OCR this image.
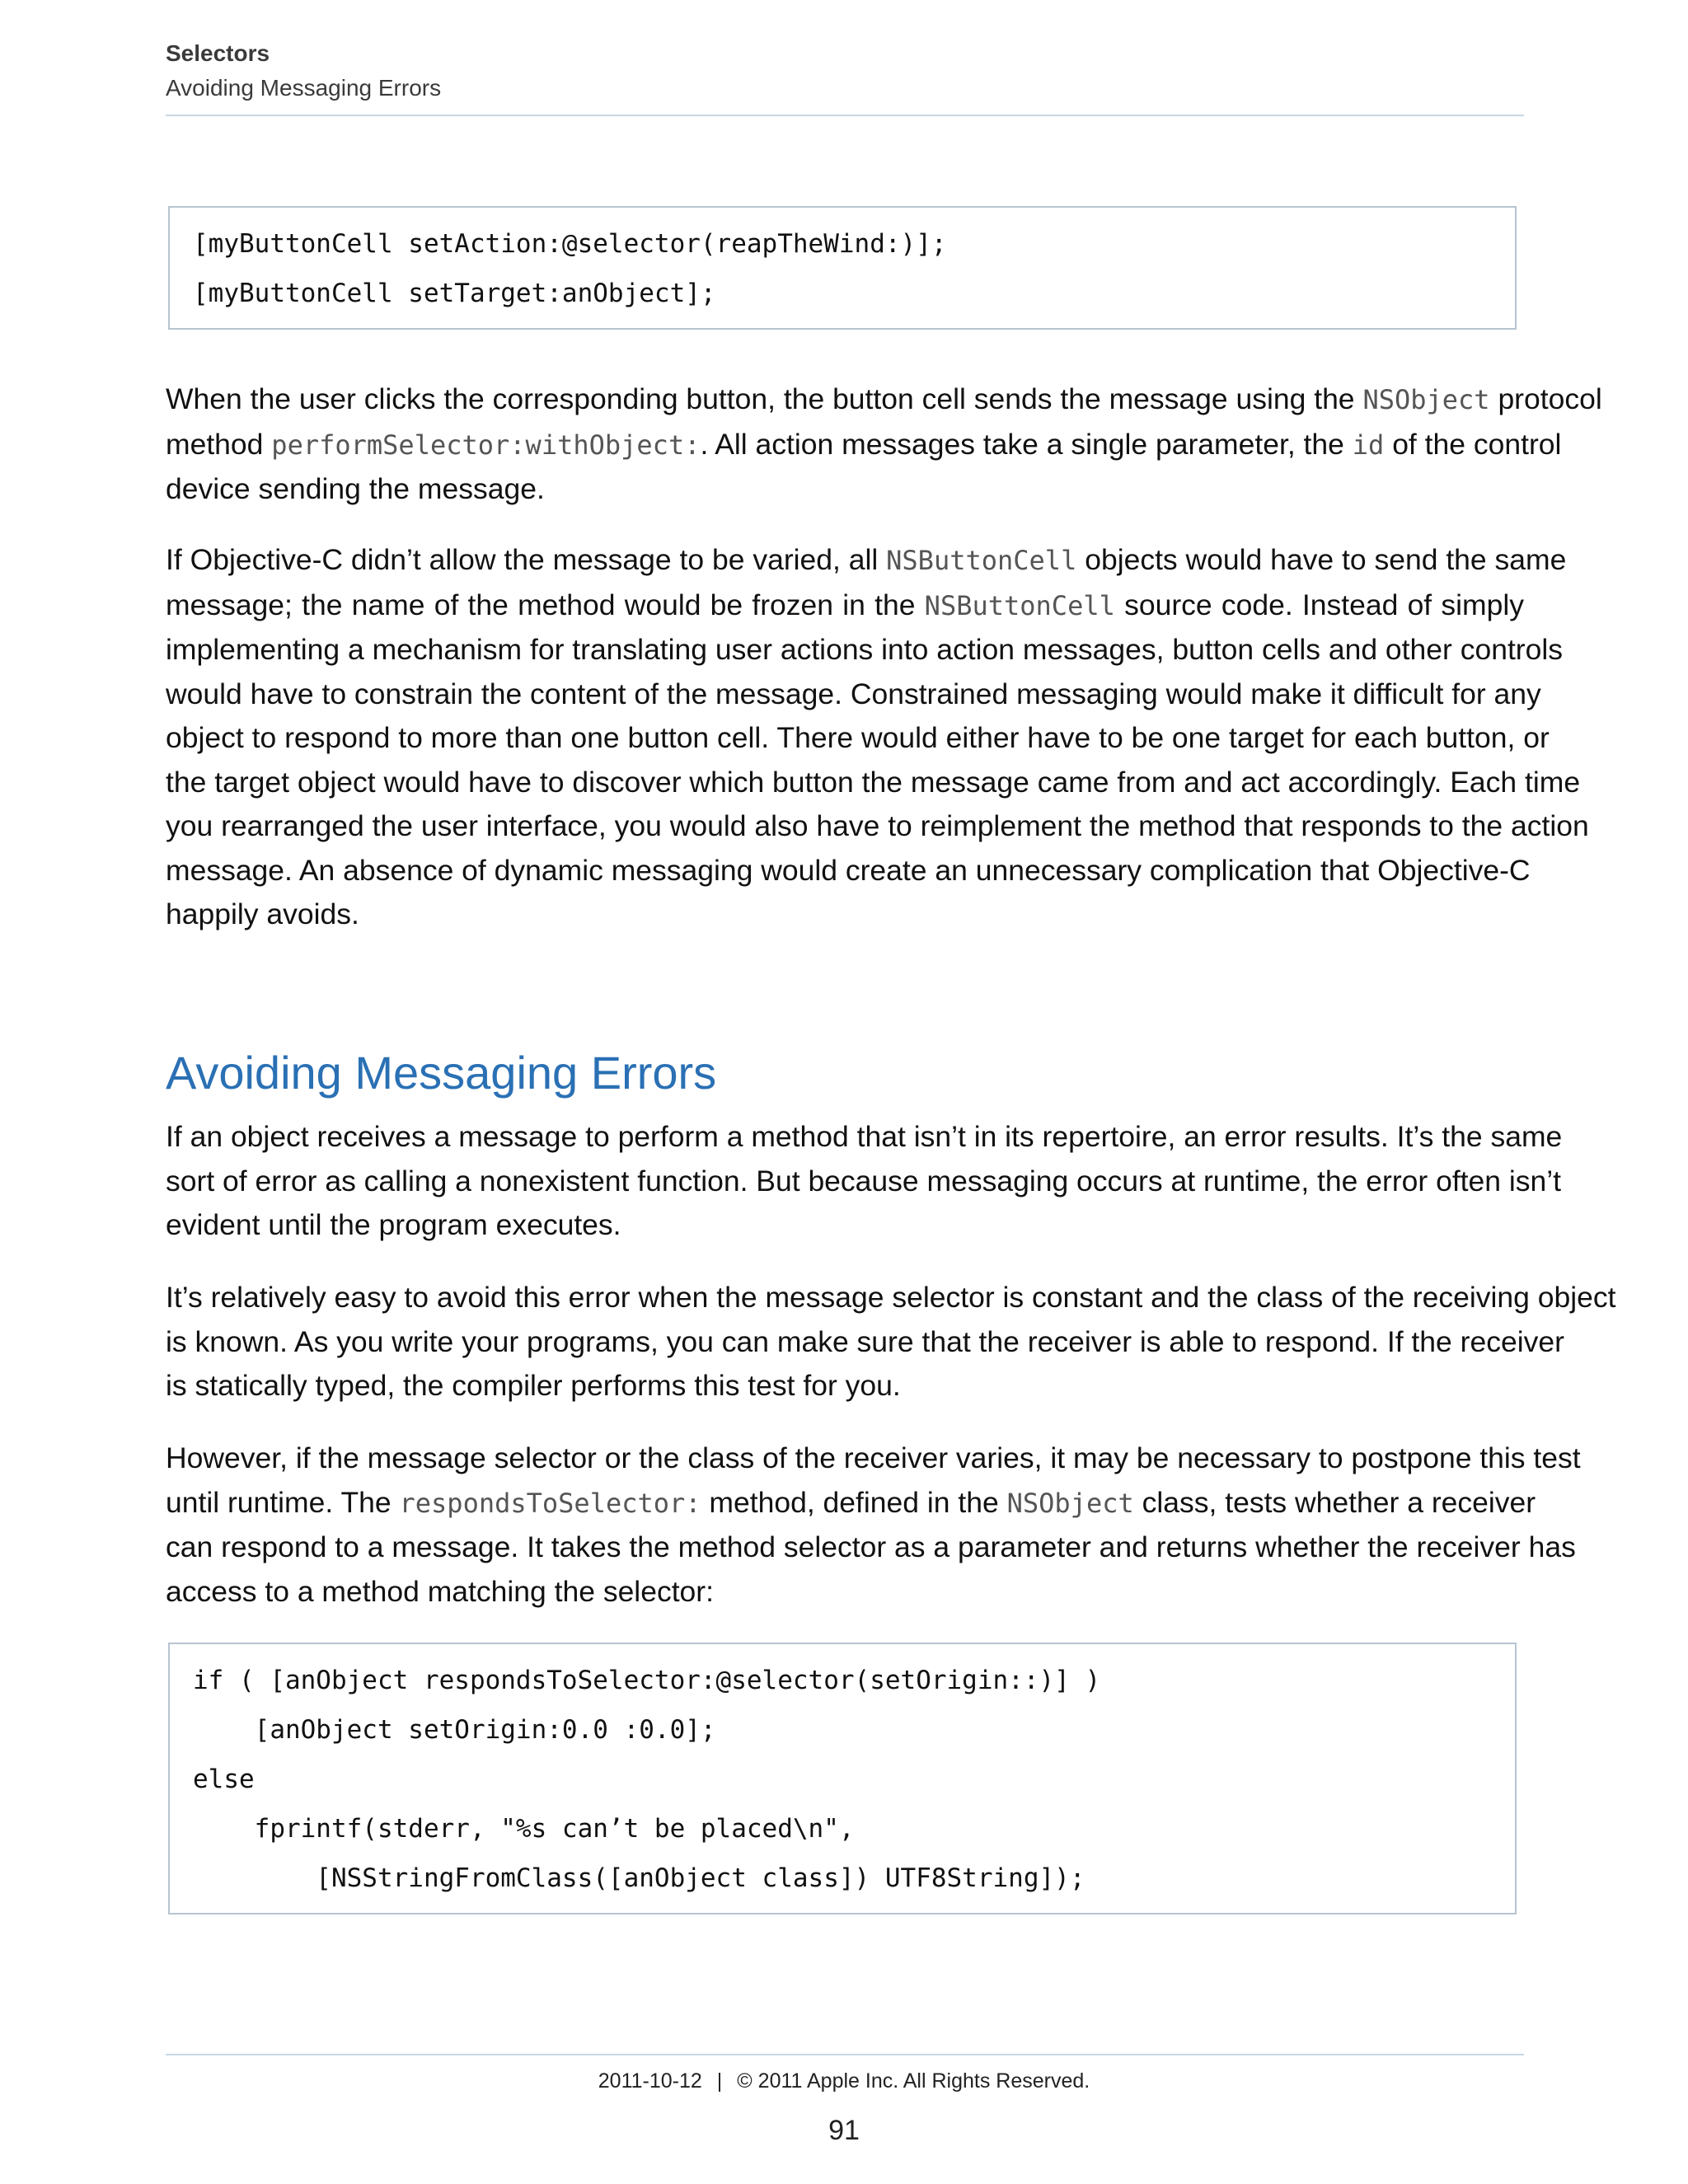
Selectors
Avoiding Messaging Errors
[myButtonCell setAction:@selector(reapTheWind:)];
[myButtonCell setTarget:anObject];
When the user clicks the corresponding button, the button cell sends the message using the NSObject protocol
method performSelector:withObject:. All action messages take a single parameter, the id of the control
device sending the message.
If Objective-C didn’t allow the message to be varied, all NSButtonCell objects would have to send the same
message; the name of the method would be frozen in the NSButtonCell source code. Instead of simply
implementing a mechanism for translating user actions into action messages, button cells and other controls
would have to constrain the content of the message. Constrained messaging would make it difficult for any
object to respond to more than one button cell. There would either have to be one target for each button, or
the target object would have to discover which button the message came from and act accordingly. Each time
you rearranged the user interface, you would also have to reimplement the method that responds to the action
message. An absence of dynamic messaging would create an unnecessary complication that Objective-C
happily avoids.
Avoiding Messaging Errors
If an object receives a message to perform a method that isn’t in its repertoire, an error results. It’s the same
sort of error as calling a nonexistent function. But because messaging occurs at runtime, the error often isn’t
evident until the program executes.
It’s relatively easy to avoid this error when the message selector is constant and the class of the receiving object
is known. As you write your programs, you can make sure that the receiver is able to respond. If the receiver
is statically typed, the compiler performs this test for you.
However, if the message selector or the class of the receiver varies, it may be necessary to postpone this test
until runtime. The respondsToSelector: method, defined in the NSObject class, tests whether a receiver
can respond to a message. It takes the method selector as a parameter and returns whether the receiver has
access to a method matching the selector:
if ( [anObject respondsToSelector:@selector(setOrigin::)] )
[anObject setOrigin:0.0 :0.0];
else
fprintf(stderr, "%s can’t be placed\n",
[NSStringFromClass([anObject class]) UTF8String]);
2011-10-12 | © 2011 Apple Inc. All Rights Reserved.
91
